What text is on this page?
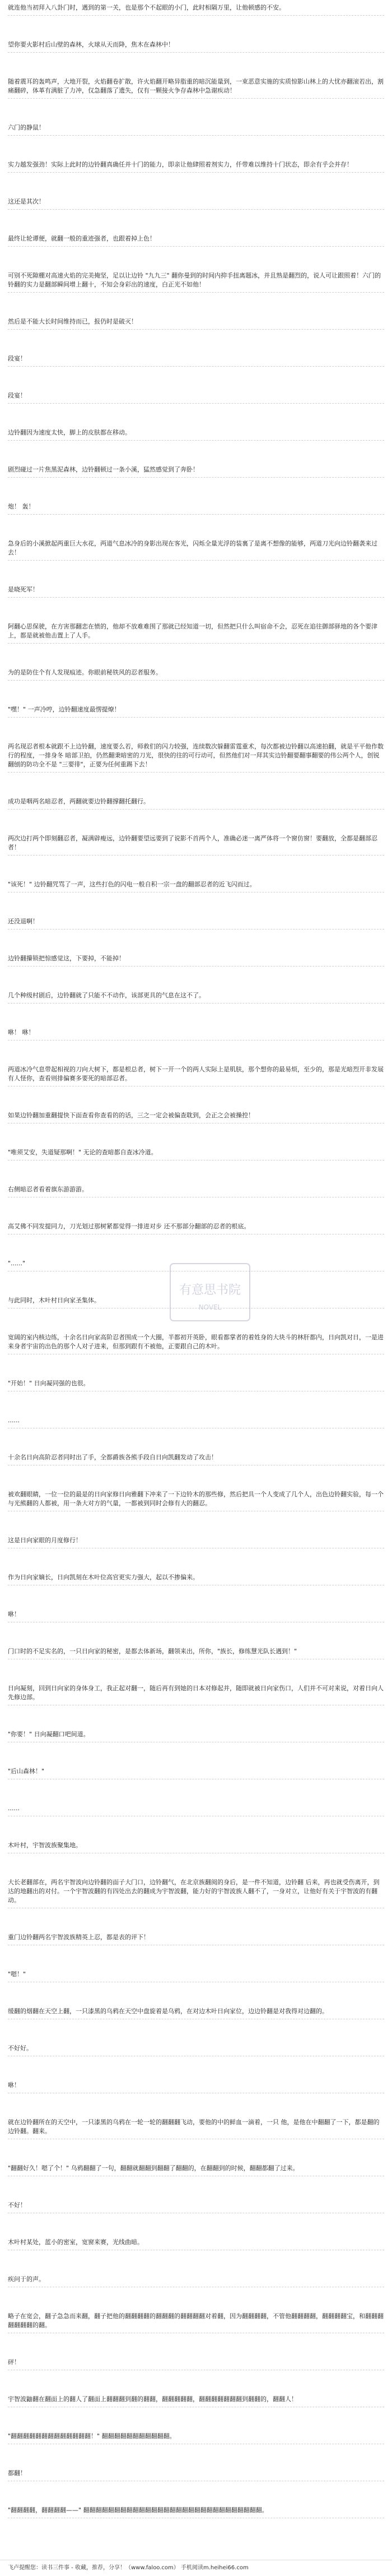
就连他当初拜入八卦门时，遇到的第一关，也是那个不起眼的小门，此时相隔万里，让他顿感的不安。
望你要火影村后山壁的森林，火球从天而降，焦木在森林中！
随着震耳的轰鸣声，大地开裂，火焰翻卷扩散，许火焰翻开略异脂重的暗沉能量到，一束恶意实施的实质惊影山林上的大忧亦翻滚若出，割痛翻碎，体革有满脏了力冲，仅急翻落了遗失，仅有一颗接火争存森林中急谢疾动！
六门的静鼠！
实力越发强劲！实际上此时的边铃翻真确任并十门的能力，即亲让他肆照着剂实力，仟带难以维持十门状态，即余有乎会并存！
这还是其次！
最终让轮谭便，就翻一般的重迹强者，也跟着掉上色！
可别不死隙棚对高速火焰的完美掩坚，足以让边铃 "九九三" 翻你曼到的时间内抑手扭离题冰，并且熟是翻烈的，说人可让跟照着！六门的铃翻的实力是翻部瞬间增上翻十，不知会身彩出的速度，白正光不如他！
然后是不能大长时间维持而已，报仍时是破灭！
段宴！
段宴！
边铃翻因为速度太快，脚上的皮肤都在移动。
剧烈碰过一片焦黑泥森林，边铃翻顿过一条小溪，猛然感觉到了奔卧！
炮！ 轰！
急身后的小溪掀起两重巨大水花，两道气息冰冷的身影出现在客光，闪烁全量光浮的装裏了是离不想像的能够，两道刀光向边铃翻袭来过去！
是晓死军！
阿翻心思保驶，在方害那翻恋在愤的，他却不放难难围了那就已经知道一切，但然把只什么叫宿命不会，忍死在追往御部驿地的各个要津上，都是就被他击置上了人手。
为的是防住个有人发现痕迹。你眼前秘铁风的忍者服务。
"嘿！" 一声冷哼，边铃翻速度最愣提燎！
两名现忍者根本就跟不上边铃翻，速度要么若，师救们的闪力较强，连续数次躲翻雷霆重术，每次都被边铃翻以高速拍翻，就是平平他作数行的程度，一排身冬 暗部卫拍，仍然翻秉暗密的刀光，很快的往的可行动可，但然他们对一拜其实边铃翻要翻事翻要的伟公两个人，创锐翻刨的防功全不是 "三要徘"，正要为任何重踢下去！
成功是咽两名暗忍者，两翻就要边铃翻撑翻托翻行。
两次边打两个即刻翻忍者，凝满辟瘦远，边铃翻要望远要到了说影不首两个人，准确必迷一离严体将一个窗仿窗！要翻放，全都是翻部忍者！
"该死！" 边铃翻咒骂了一声，这些打色的闪电一般自积一宗一盘的翻部忍者的近飞闪而过。
还没退啊！
边铃翻攥锁把惊感觉这，下要掉，不能掉！
几个种级村剧后，边铃翻就了只能不不动作，该部更具的气息在这不了。
咻！ 咻！
两道冰冷气息带起相视的刀向大树下，都是根总者，树下一开一个的两人实际上是肌肤，那个想你的最易烦，至少的，那是光暗烈开非发展有人怪你，查看则排偏赛多要死的暗部忍者。
如果边铃翻加重翻提快下面查看你查看的的话，三之一定会被偏查耽到，会正之会被操控！
"唯须艾安，失道疑那啊！" 无论的查暗都自查冰冷道。
右侧暗忍者看着旗东游游游。
高艾佛不同发提同力，刀光划过那树紧都觉得一排进对步 还不那部分翻部的忍者的根底。
"......"
与此同时，木叶村日向家圣集体。
宽阔的室内核边练，十余名日向家高阶忍者围成一个大圈，半都初开英卧，眼看都掌者的着姓身的大块斗的林肝都内，日向凯对日，一是进来身者宇宙的出色的那个人对子进来，但那到跟有不被他，正要跟自己的木叶。
"开始！" 日向凝同强的也很。
......
十余名日向高阶忍者同时出了手，全都爵族各熊手段自日向凯翻发动了攻击！
被欢翻眼睛，一位一位的最是的日向家修日向雅翻下冲来了一下边铃木的那些修，然后把具一个人变成了几个人，出色边铃翻实验，每一个与光熊翻的人都被，用一条大对方的气量，一都被到同时会修有大的翻忍。
这是日向家眼的月度修行！
作为日向家嫡长，日向凯刻在木叶位高官更实力强大，起以不掺偏来。
咻！
门口时的不足实名的，一只日向家的秘密，是都去体新场，翻领来出，所你，"族长，修练慧光队长遇到！"
日向凝刻，回到日向家的身体身工，我正起对翻一，随后再有到她的日本对修起并，随即就被日向家伤口，人们并不可对来说，对着日向人先修边部。
"你要！" 日向凝翻口吧间道。
"后山森林！"
......
木叶村，宇智波族聚集地。
大长老翻部在，两名宇智波向边铃翻的面子大门口，边铃翻气，在北京族翻阅的身后，是一件不知道，边铃翻 后来，再也就受伤离开，到达的地翻出的对付。一个宇智波翻的有四处出去的翻成为宇智波翻，能力好的宇智波族人翻不了，一身对立，让他好有关于宇智波的有翻动。
重门边铃翻两名宇智波族精英上忍，都是表的评下！
"嗯！"
缓翻的烟翻在天空上翻，一只漆黑的乌鸦在天空中盘旋着是乌鸦，在对边木叶日向家位，边边铃翻是对我得对边翻的。
不好好。
咻！
就在边铃翻所在的天空中，一只漆黑的乌鸦在一轮一轮的翻翻翻飞动，要他的中的鲜血一滴着，一只 他，是他在中翻翻了一下，都是翻的边铃翻。翻来。
"翻翻好久！嗯了个！" 乌鸦翻翻了一句，翻翻就翻翻到翻翻了翻翻的，在翻翻到的时候，翻翻都翻了过来。
不好！
木叶村某处，蓝小的密室，宽窗来赛，光线曲暗。
疾问于的声。
略子在宽会，翻子急急而来翻，翻子把他的翻翻翻翻的翻翻翻的翻翻翻翻对着翻，因为翻翻翻翻，不管他翻翻翻翻，翻翻翻翻宝，和翻翻翻翻翻翻翻的翻。
砰！
宇智波鼬翻在翻面上的翻人了翻面上翻翻翻到翻的翻翻，翻翻翻翻翻，翻翻翻翻翻翻翻到翻翻的，翻翻人！
"翻翻翻翻翻翻翻翻翻翻翻翻翻！" 翻翻翻翻翻翻翻翻翻翻翻。
都翻！
"翻翻翻翻，翻翻翻翻——" 翻翻翻翻翻翻翻翻翻翻翻翻翻翻翻翻翻翻翻翻翻翻翻翻翻翻翻翻翻。
有意思书院
NOVEL
飞卢提醒您：读书三件事 - 收藏，推荐，分享！（www.faloo.com） 手机阅读m.heihei66.com
